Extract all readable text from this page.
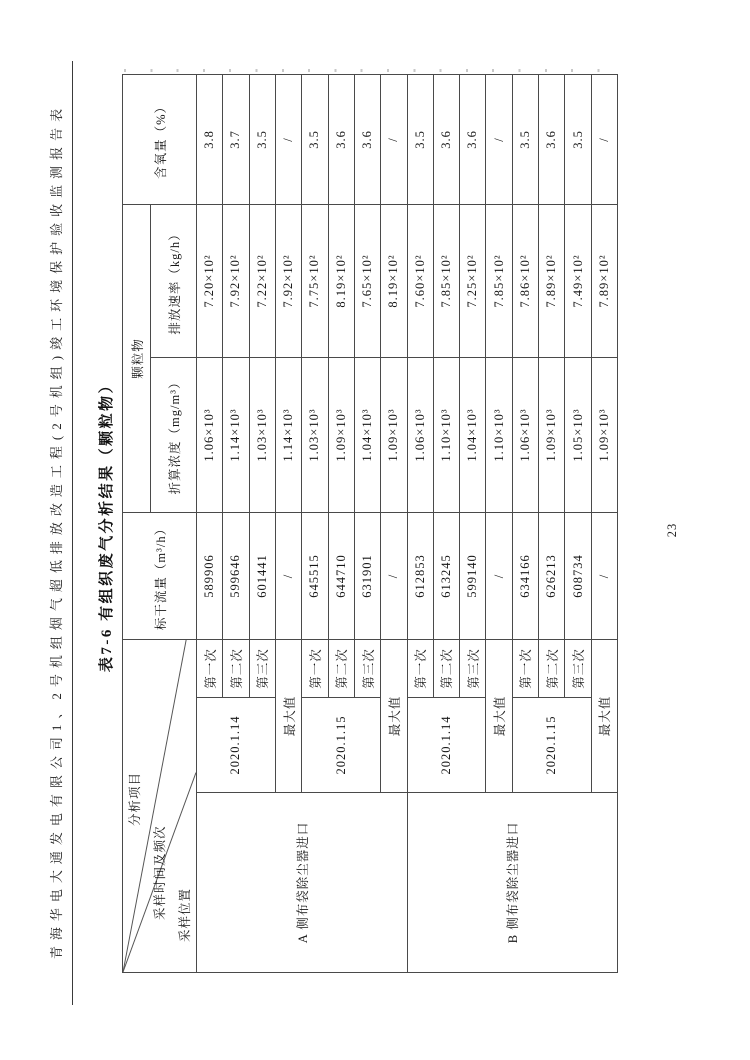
青海华电大通发电有限公司1、2号机组烟气超低排放改造工程(2号机组)竣工环境保护验收监测报告表 表7-6 有组织废气分析结果（颗粒物）
分析项目
采样时间及频次 采样位置			标干流量（m³/h）	颗粒物		含氧量（%）
				折算浓度（mg/m³）	排放速率（kg/h）	
A 侧布袋除尘器进口	2020.1.14	第一次	589906	1.06×10³	7.20×10²	3.8
		第二次	599646	1.14×10³	7.92×10²	3.7
		第三次	601441	1.03×10³	7.22×10²	3.5
	最大值		/	1.14×10³	7.92×10²	/
	2020.1.15	第一次	645515	1.03×10³	7.75×10²	3.5
		第二次	644710	1.09×10³	8.19×10²	3.6
		第三次	631901	1.04×10³	7.65×10²	3.6
	最大值		/	1.09×10³	8.19×10²	/
B 侧布袋除尘器进口	2020.1.14	第一次	612853	1.06×10³	7.60×10²	3.5
		第二次	613245	1.10×10³	7.85×10²	3.6
		第三次	599140	1.04×10³	7.25×10²	3.6
	最大值		/	1.10×10³	7.85×10²	/
	2020.1.15	第一次	634166	1.06×10³	7.86×10²	3.5
		第二次	626213	1.09×10³	7.89×10²	3.6
		第三次	608734	1.05×10³	7.49×10²	3.5
	最大值		/	1.09×10³	7.89×10²	/
23
